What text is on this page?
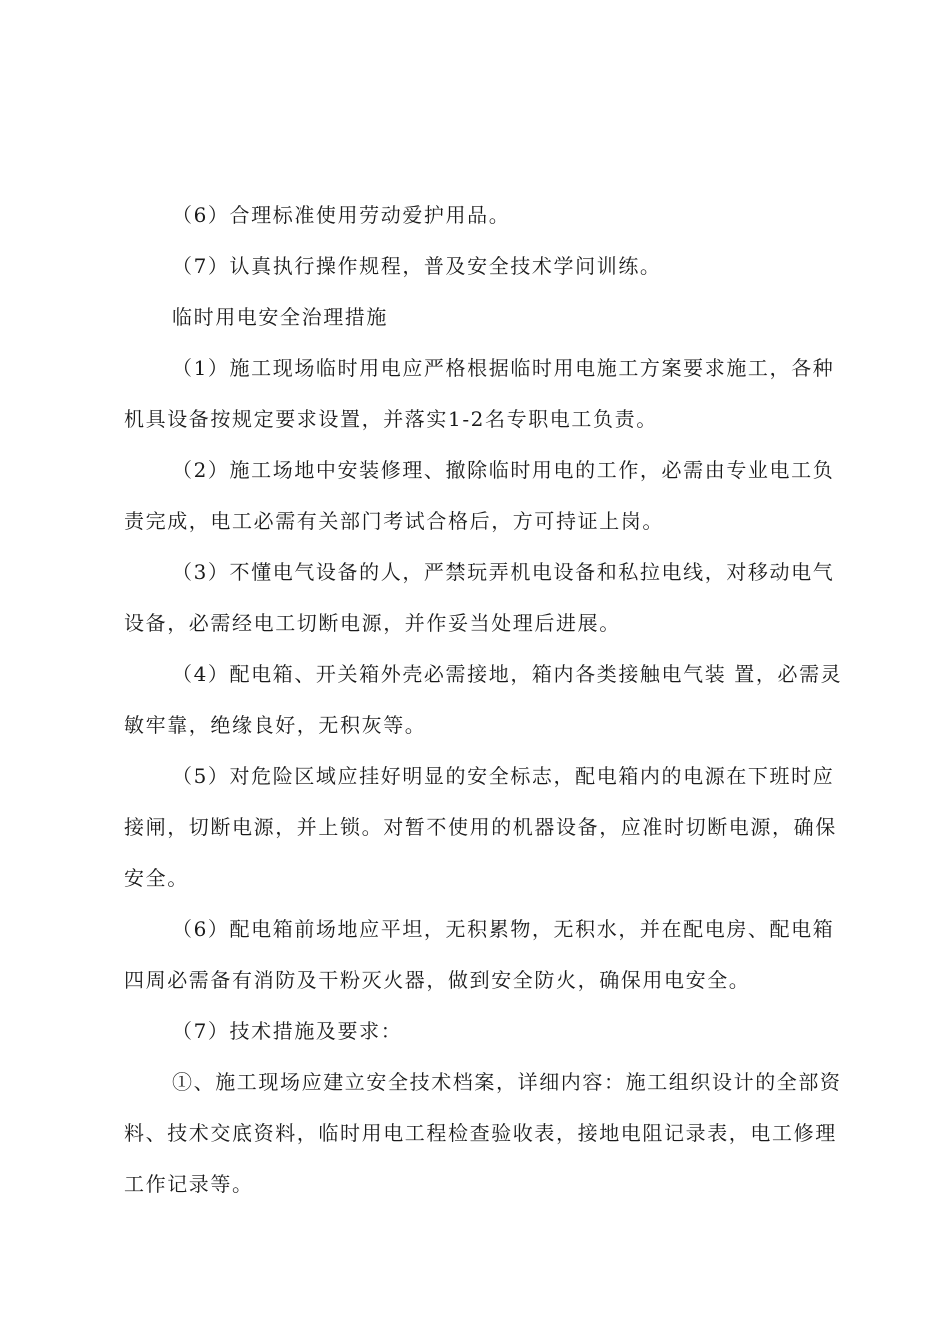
（6）合理标准使用劳动爱护用品。

（7）认真执行操作规程，普及安全技术学问训练。

临时用电安全治理措施

（1）施工现场临时用电应严格根据临时用电施工方案要求施工，各种机具设备按规定要求设置，并落实1-2名专职电工负责。

（2）施工场地中安装修理、撤除临时用电的工作，必需由专业电工负责完成，电工必需有关部门考试合格后，方可持证上岗。

（3）不懂电气设备的人，严禁玩弄机电设备和私拉电线，对移动电气设备，必需经电工切断电源，并作妥当处理后进展。

（4）配电箱、开关箱外壳必需接地，箱内各类接触电气装 置，必需灵敏牢靠，绝缘良好，无积灰等。

（5）对危险区域应挂好明显的安全标志，配电箱内的电源在下班时应接闸，切断电源，并上锁。对暂不使用的机器设备，应准时切断电源，确保安全。

（6）配电箱前场地应平坦，无积累物，无积水，并在配电房、配电箱四周必需备有消防及干粉灭火器，做到安全防火，确保用电安全。

（7）技术措施及要求：

①、施工现场应建立安全技术档案，详细内容：施工组织设计的全部资料、技术交底资料，临时用电工程检查验收表，接地电阻记录表，电工修理工作记录等。
